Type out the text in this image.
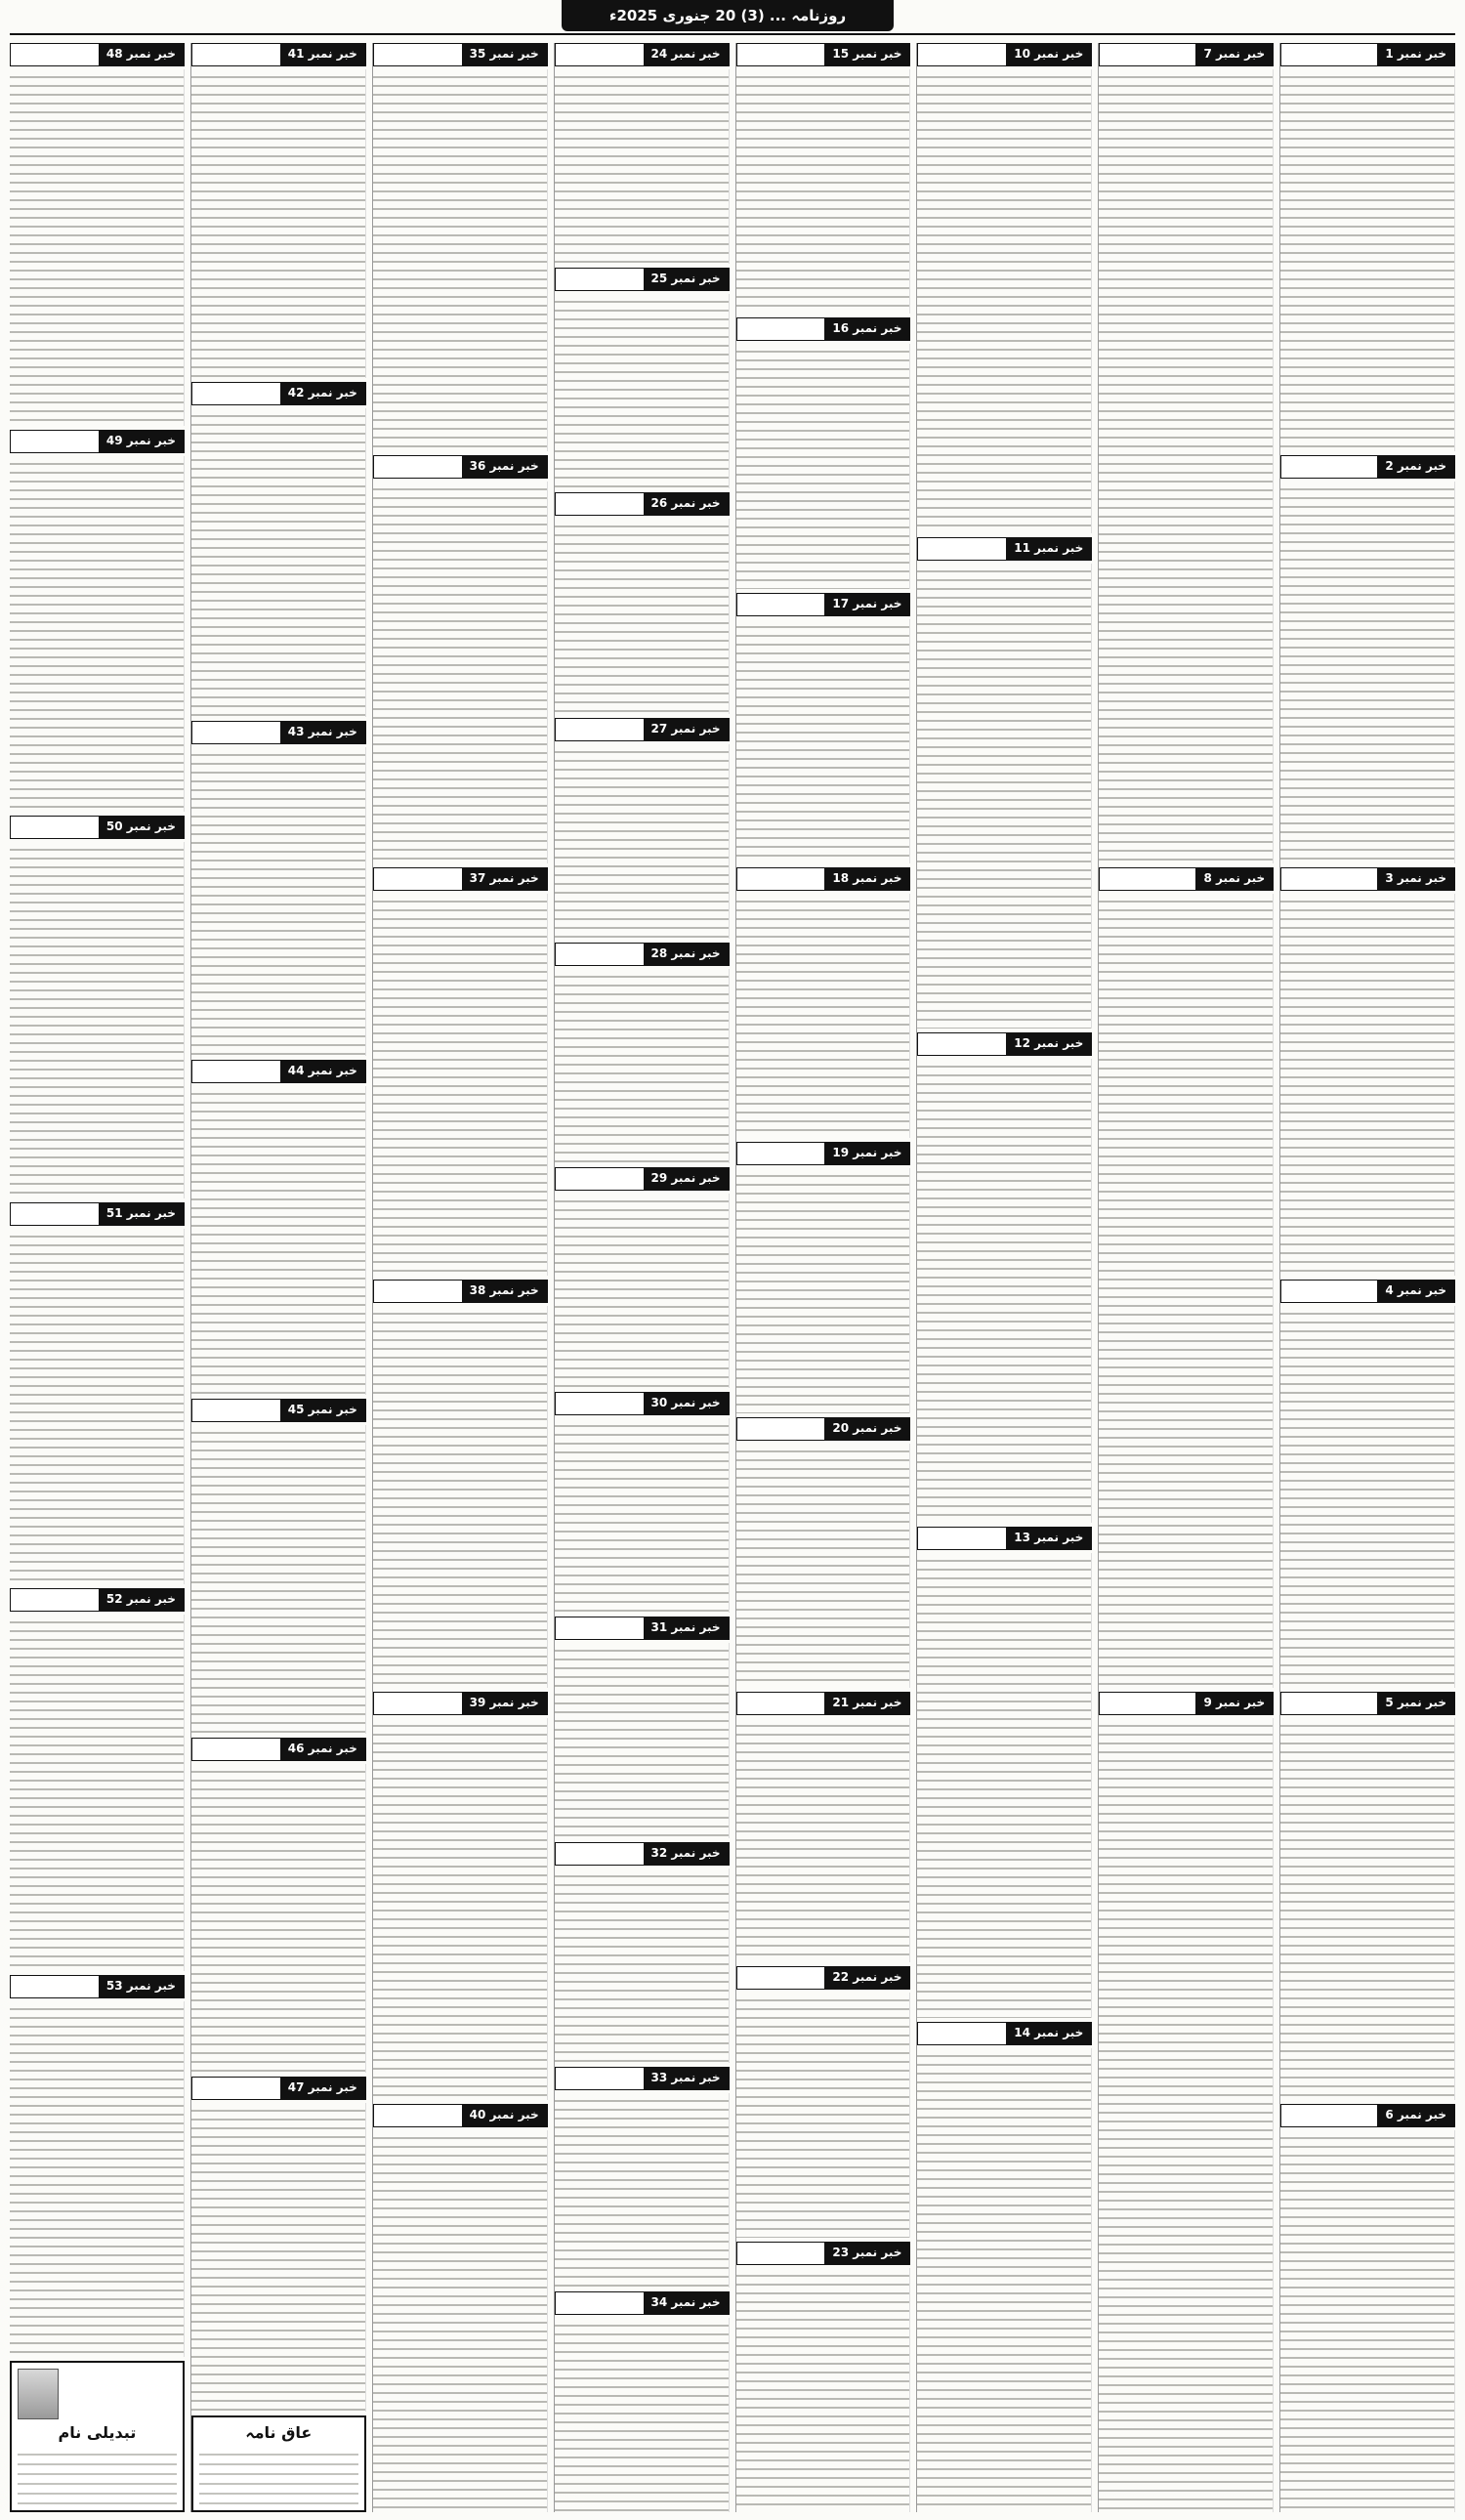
روزنامہ ... (3) 20 جنوری 2025ء
خبر نمبر 1
خبر نمبر 2
خبر نمبر 3
خبر نمبر 4
خبر نمبر 5
خبر نمبر 6
خبر نمبر 7
خبر نمبر 8
خبر نمبر 9
خبر نمبر 10
خبر نمبر 11
خبر نمبر 12
خبر نمبر 13
خبر نمبر 14
خبر نمبر 15
خبر نمبر 16
خبر نمبر 17
خبر نمبر 18
خبر نمبر 19
خبر نمبر 20
خبر نمبر 21
خبر نمبر 22
خبر نمبر 23
خبر نمبر 24
خبر نمبر 25
خبر نمبر 26
خبر نمبر 27
خبر نمبر 28
خبر نمبر 29
خبر نمبر 30
خبر نمبر 31
خبر نمبر 32
خبر نمبر 33
خبر نمبر 34
خبر نمبر 35
خبر نمبر 36
خبر نمبر 37
خبر نمبر 38
خبر نمبر 39
خبر نمبر 40
خبر نمبر 41
خبر نمبر 42
خبر نمبر 43
خبر نمبر 44
خبر نمبر 45
خبر نمبر 46
خبر نمبر 47
عاق نامہ
خبر نمبر 48
خبر نمبر 49
خبر نمبر 50
خبر نمبر 51
خبر نمبر 52
خبر نمبر 53
تبدیلی نام
